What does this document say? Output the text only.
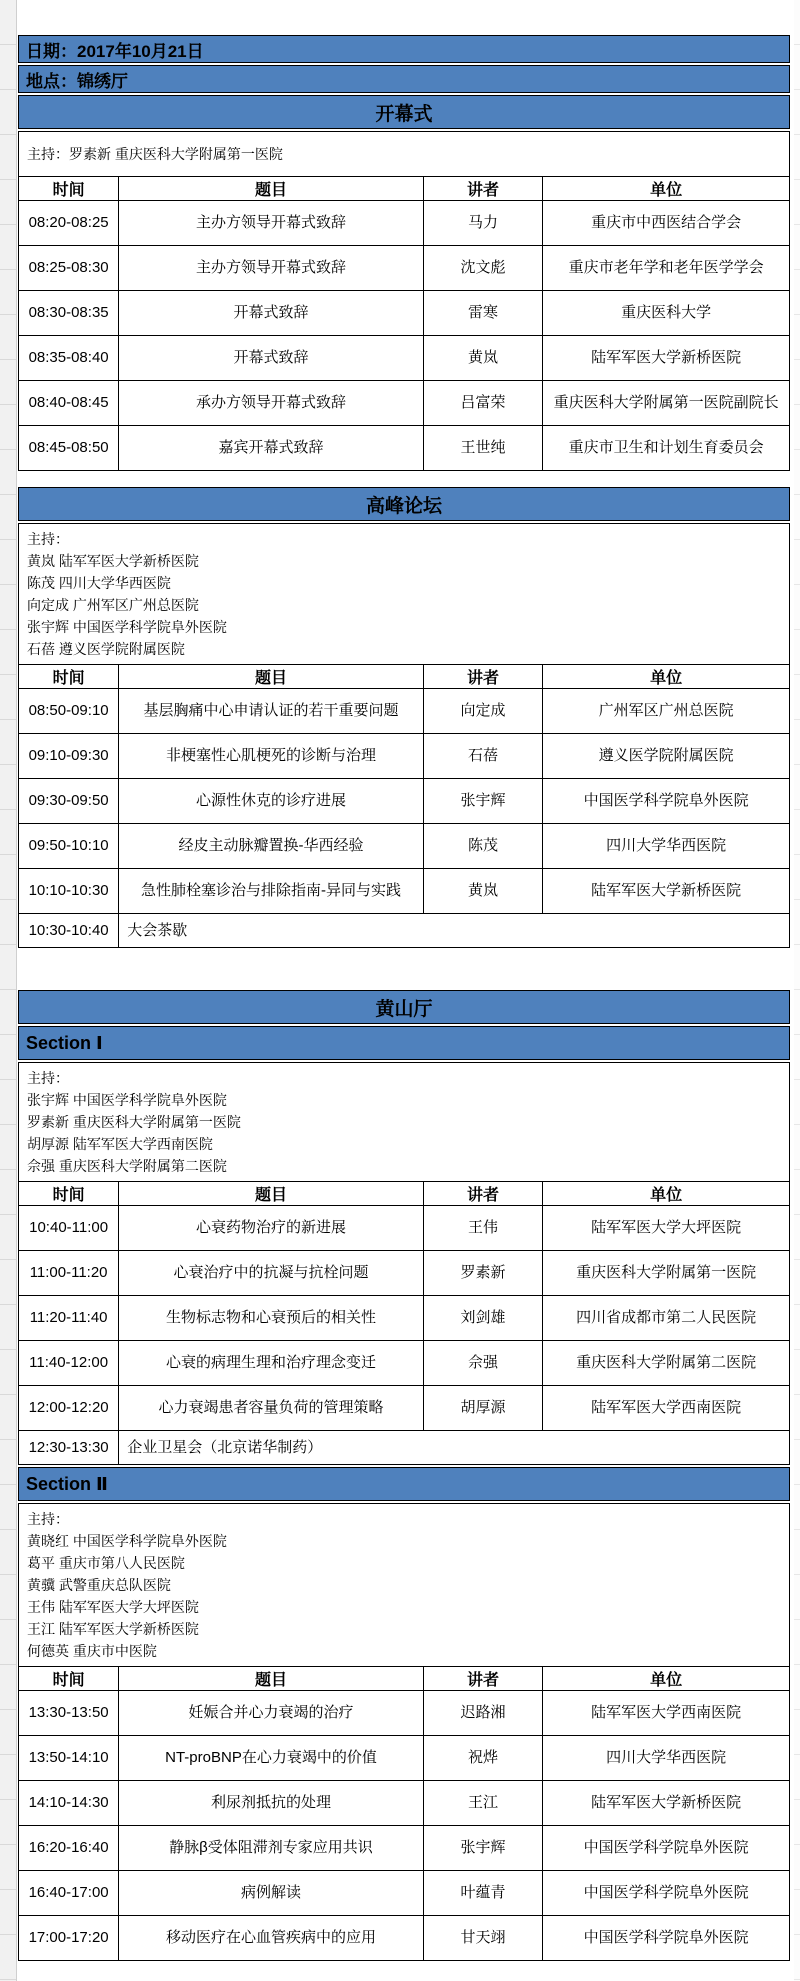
日期：2017年10月21日
地点：锦绣厅
开幕式
主持：罗素新 重庆医科大学附属第一医院			

时间	题目	讲者	单位
08:20-08:25	主办方领导开幕式致辞	马力	重庆市中西医结合学会
08:25-08:30	主办方领导开幕式致辞	沈文彪	重庆市老年学和老年医学学会
08:30-08:35	开幕式致辞	雷寒	重庆医科大学
08:35-08:40	开幕式致辞	黄岚	陆军军医大学新桥医院
08:40-08:45	承办方领导开幕式致辞	吕富荣	重庆医科大学附属第一医院副院长
08:45-08:50	嘉宾开幕式致辞	王世纯	重庆市卫生和计划生育委员会
高峰论坛
主持：
黄岚 陆军军医大学新桥医院
陈茂 四川大学华西医院
向定成 广州军区广州总医院
张宇辉 中国医学科学院阜外医院
石蓓 遵义医学院附属医院

时间	题目	讲者	单位
08:50-09:10	基层胸痛中心申请认证的若干重要问题	向定成	广州军区广州总医院
09:10-09:30	非梗塞性心肌梗死的诊断与治理	石蓓	遵义医学院附属医院
09:30-09:50	心源性休克的诊疗进展	张宇辉	中国医学科学院阜外医院
09:50-10:10	经皮主动脉瓣置换-华西经验	陈茂	四川大学华西医院
10:10-10:30	急性肺栓塞诊治与排除指南-异同与实践	黄岚	陆军军医大学新桥医院
10:30-10:40	大会茶歇		
黄山厅
Section Ⅰ
主持：
张宇辉 中国医学科学院阜外医院
罗素新 重庆医科大学附属第一医院
胡厚源 陆军军医大学西南医院
佘强 重庆医科大学附属第二医院			

时间	题目	讲者	单位
10:40-11:00	心衰药物治疗的新进展	王伟	陆军军医大学大坪医院
11:00-11:20	心衰治疗中的抗凝与抗栓问题	罗素新	重庆医科大学附属第一医院
11:20-11:40	生物标志物和心衰预后的相关性	刘剑雄	四川省成都市第二人民医院
11:40-12:00	心衰的病理生理和治疗理念变迁	佘强	重庆医科大学附属第二医院
12:00-12:20	心力衰竭患者容量负荷的管理策略	胡厚源	陆军军医大学西南医院
12:30-13:30	企业卫星会（北京诺华制药）		
Section Ⅱ
主持：
黄晓红 中国医学科学院阜外医院
葛平 重庆市第八人民医院
黄骥 武警重庆总队医院
王伟 陆军军医大学大坪医院
王江 陆军军医大学新桥医院
何德英 重庆市中医院

时间	题目	讲者	单位
13:30-13:50	妊娠合并心力衰竭的治疗	迟路湘	陆军军医大学西南医院
13:50-14:10	NT-proBNP在心力衰竭中的价值	祝烨	四川大学华西医院
14:10-14:30	利尿剂抵抗的处理	王江	陆军军医大学新桥医院
16:20-16:40	静脉β受体阻滞剂专家应用共识	张宇辉	中国医学科学院阜外医院
16:40-17:00	病例解读	叶蕴青	中国医学科学院阜外医院
17:00-17:20	移动医疗在心血管疾病中的应用	甘天翊	中国医学科学院阜外医院
